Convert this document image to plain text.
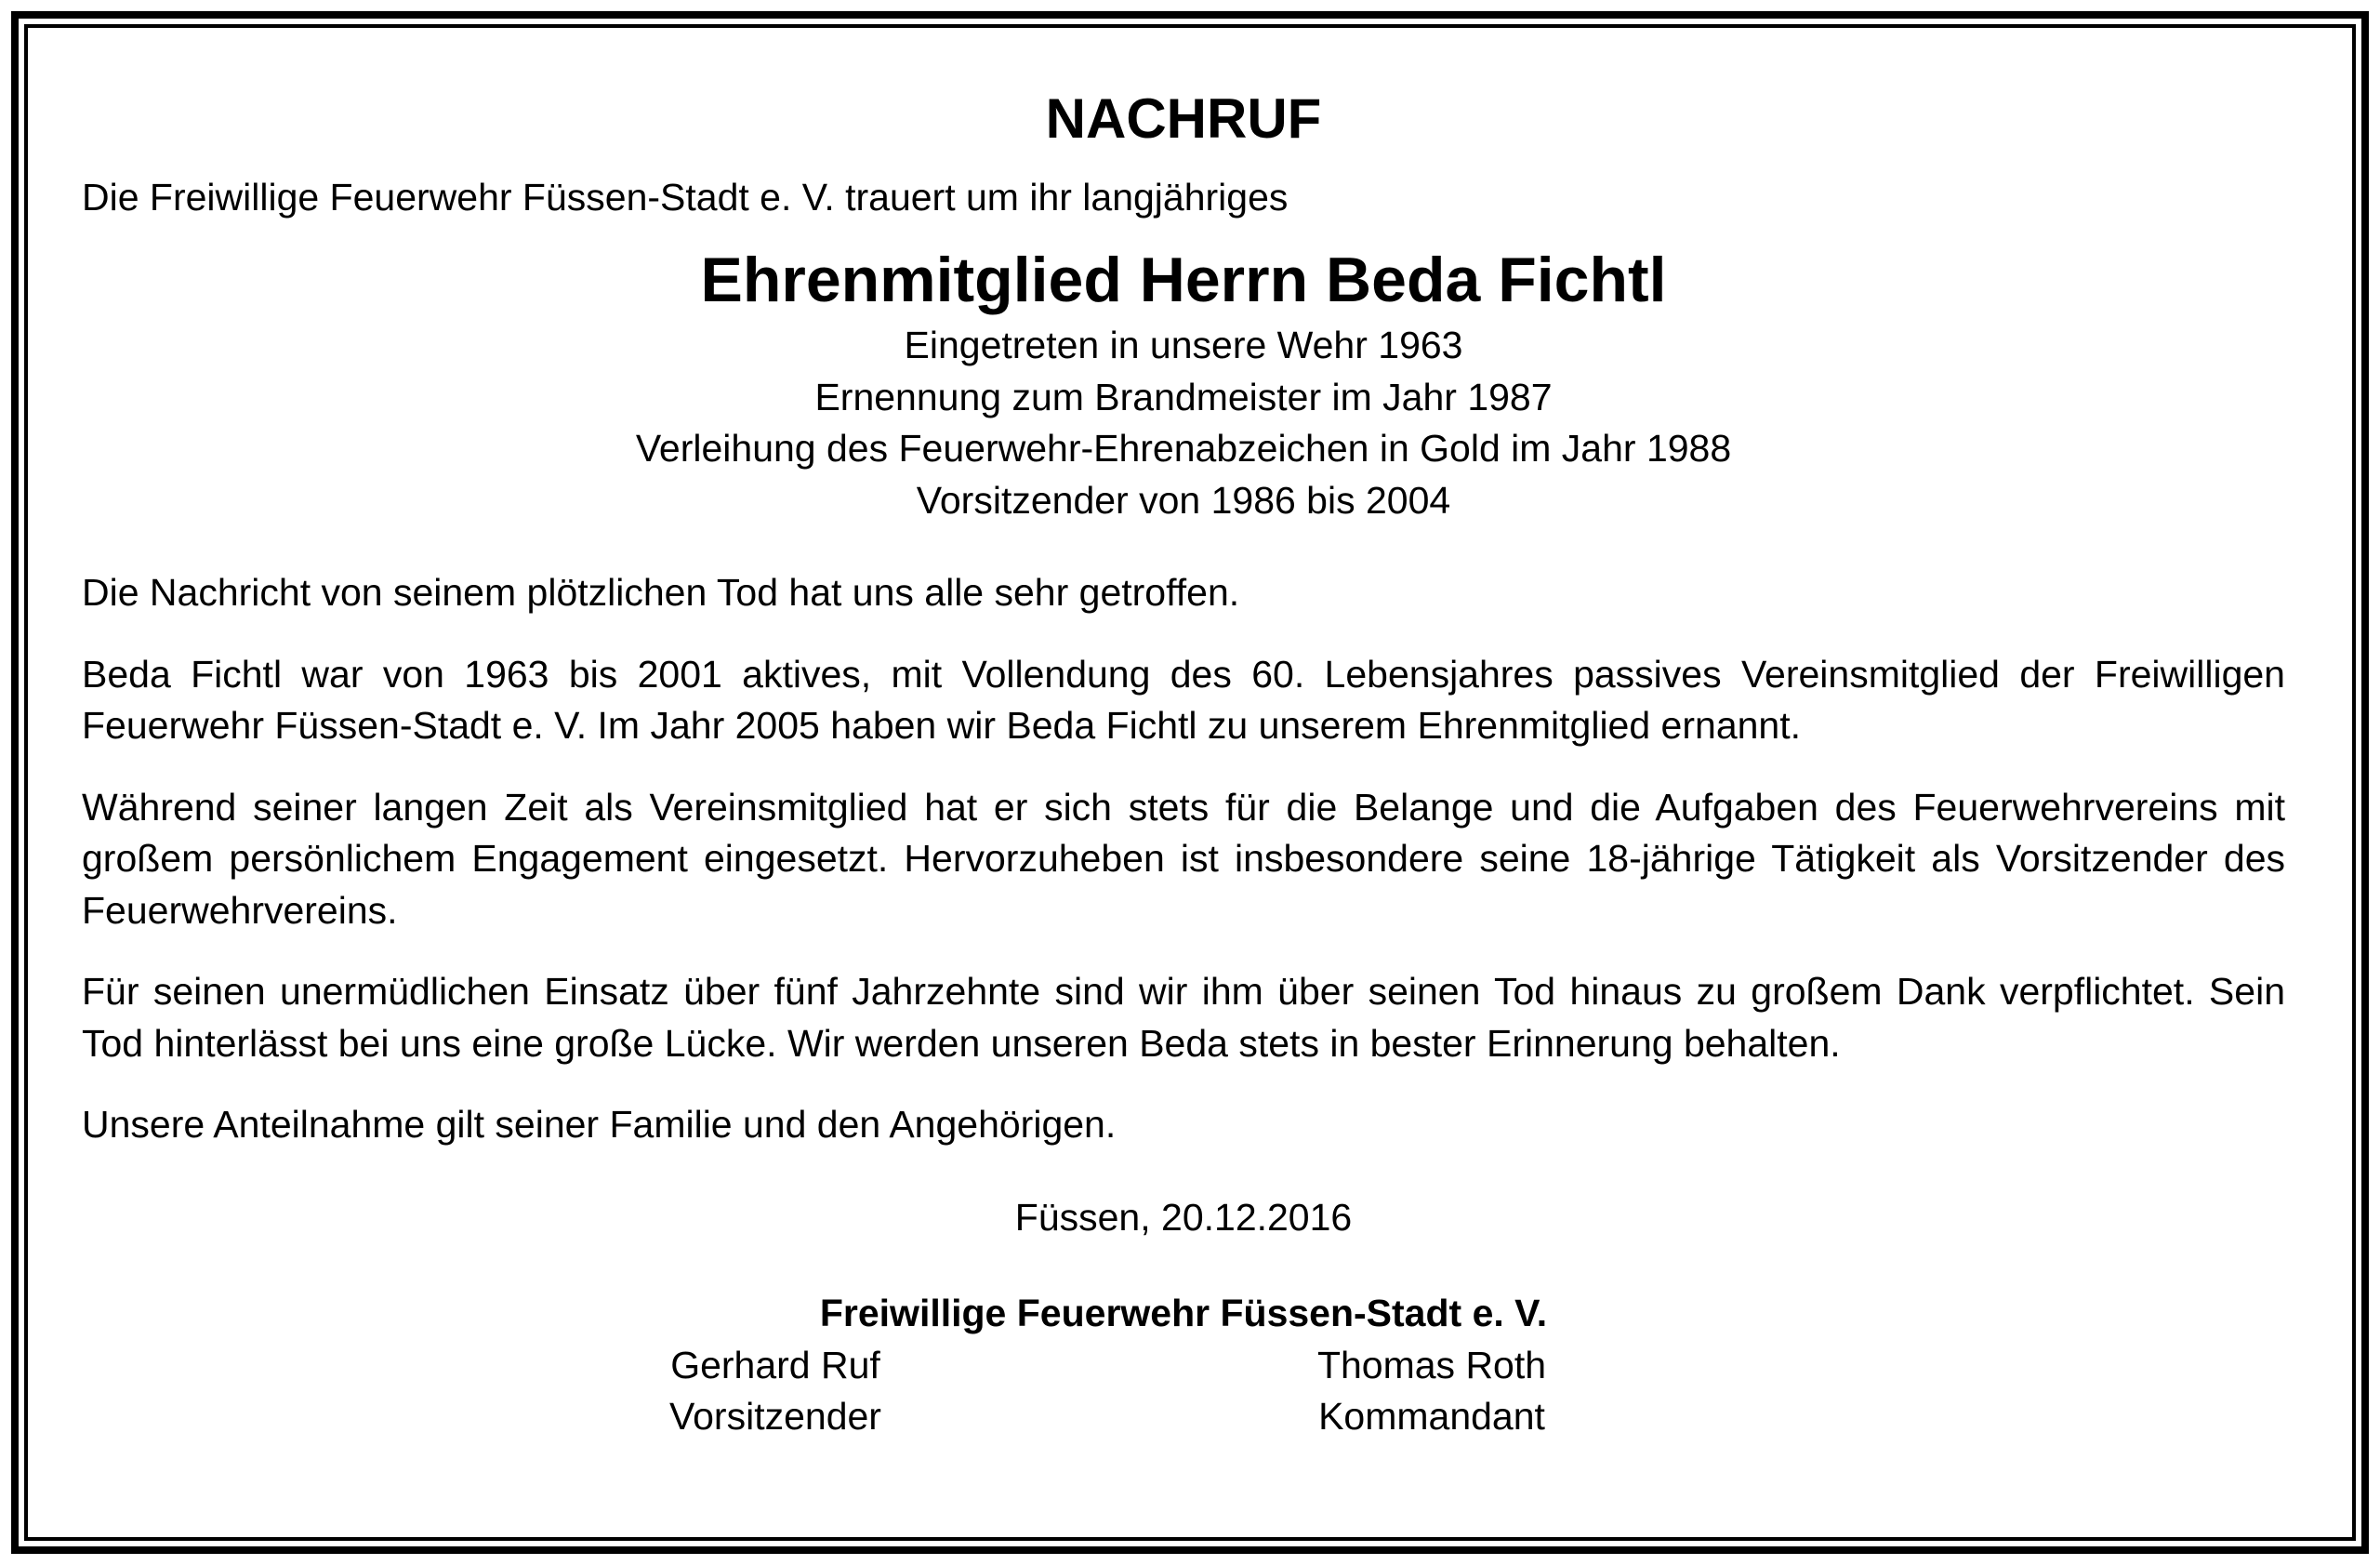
NACHRUF
Die Freiwillige Feuerwehr Füssen-Stadt e. V. trauert um ihr langjähriges
Ehrenmitglied Herrn Beda Fichtl
Eingetreten in unsere Wehr 1963
Ernennung zum Brandmeister im Jahr 1987
Verleihung des Feuerwehr-Ehrenabzeichen in Gold im Jahr 1988
Vorsitzender von 1986 bis 2004
Die Nachricht von seinem plötzlichen Tod hat uns alle sehr getroffen.
Beda Fichtl war von 1963 bis 2001 aktives, mit Vollendung des 60. Lebensjahres passives Vereinsmitglied der Freiwilligen Feuerwehr Füssen-Stadt e. V. Im Jahr 2005 haben wir Beda Fichtl zu unserem Ehrenmitglied ernannt.
Während seiner langen Zeit als Vereinsmitglied hat er sich stets für die Belange und die Aufgaben des Feuerwehrvereins mit großem persönlichem Engagement eingesetzt. Hervorzuheben ist insbesondere seine 18-jährige Tätigkeit als Vorsitzender des Feuerwehrvereins.
Für seinen unermüdlichen Einsatz über fünf Jahrzehnte sind wir ihm über seinen Tod hinaus zu großem Dank verpflichtet. Sein Tod hinterlässt bei uns eine große Lücke. Wir werden unseren Beda stets in bester Erinnerung behalten.
Unsere Anteilnahme gilt seiner Familie und den Angehörigen.
Füssen, 20.12.2016
Freiwillige Feuerwehr Füssen-Stadt e. V.
Gerhard Ruf
Vorsitzender
Thomas Roth
Kommandant
